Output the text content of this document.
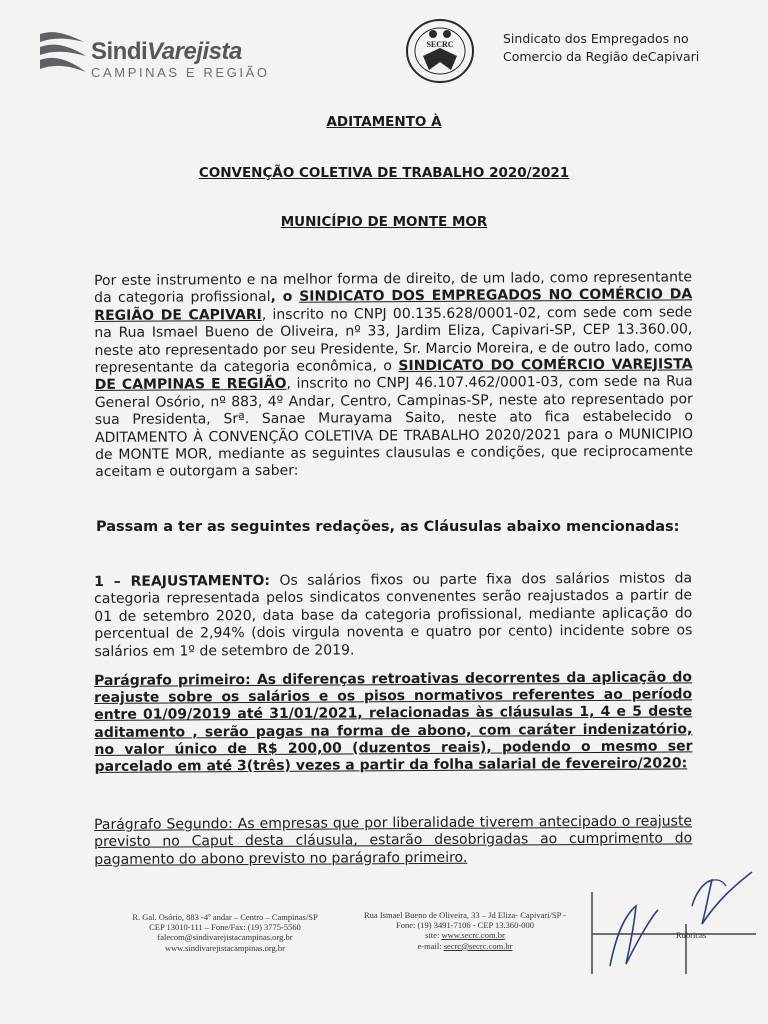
SindiVarejista
CAMPINAS E REGIÃO
SECRC	Sindicato dos Empregados no
Comercio da Região deCapivari
ADITAMENTO À
CONVENÇÃO COLETIVA DE TRABALHO 2020/2021
MUNICÍPIO DE MONTE MOR
Por este instrumento e na melhor forma de direito, de um lado, como representante da categoria profissional, o SINDICATO DOS EMPREGADOS NO COMÉRCIO DA REGIÃO DE CAPIVARI, inscrito no CNPJ 00.135.628/0001-02, com sede com sede na Rua Ismael Bueno de Oliveira, nº 33, Jardim Eliza, Capivari-SP, CEP 13.360.00, neste ato representado por seu Presidente, Sr. Marcio Moreira, e de outro lado, como representante da categoria econômica, o SINDICATO DO COMÉRCIO VAREJISTA DE CAMPINAS E REGIÃO, inscrito no CNPJ 46.107.462/0001-03, com sede na Rua General Osório, nº 883, 4º Andar, Centro, Campinas-SP, neste ato representado por sua Presidenta, Srª. Sanae Murayama Saito, neste ato fica estabelecido o ADITAMENTO À CONVENÇÃO COLETIVA DE TRABALHO 2020/2021 para o MUNICIPIO de MONTE MOR, mediante as seguintes clausulas e condições, que reciprocamente aceitam e outorgam a saber:
Passam a ter as seguintes redações, as Cláusulas abaixo mencionadas:
1 – REAJUSTAMENTO: Os salários fixos ou parte fixa dos salários mistos da categoria representada pelos sindicatos convenentes serão reajustados a partir de 01 de setembro 2020, data base da categoria profissional, mediante aplicação do percentual de 2,94% (dois virgula noventa e quatro por cento) incidente sobre os salários em 1º de setembro de 2019.
Parágrafo primeiro: As diferenças retroativas decorrentes da aplicação do reajuste sobre os salários e os pisos normativos referentes ao período entre 01/09/2019 até 31/01/2021, relacionadas às cláusulas 1, 4 e 5 deste aditamento , serão pagas na forma de abono, com caráter indenizatório, no valor único de R$ 200,00 (duzentos reais), podendo o mesmo ser parcelado em até 3(três) vezes a partir da folha salarial de fevereiro/2020:
Parágrafo Segundo: As empresas que por liberalidade tiverem antecipado o reajuste previsto no Caput desta cláusula, estarão desobrigadas ao cumprimento do pagamento do abono previsto no parágrafo primeiro.
R. Gal. Osório, 883 -4º andar – Centro – Campinas/SP
CEP 13010-111 – Fone/Fax: (19) 3775-5560
falecom@sindivarejistacampinas.org.br
www.sindivarejistacampinas.org.br
Rua Ismael Bueno de Oliveira, 33 – Jd Eliza- Capivari/SP -
Fone: (19) 3491-7106 - CEP 13.360-000
site: www.secrc.com.br
e-mail: secrc@secrc.com.br
Rubricas
